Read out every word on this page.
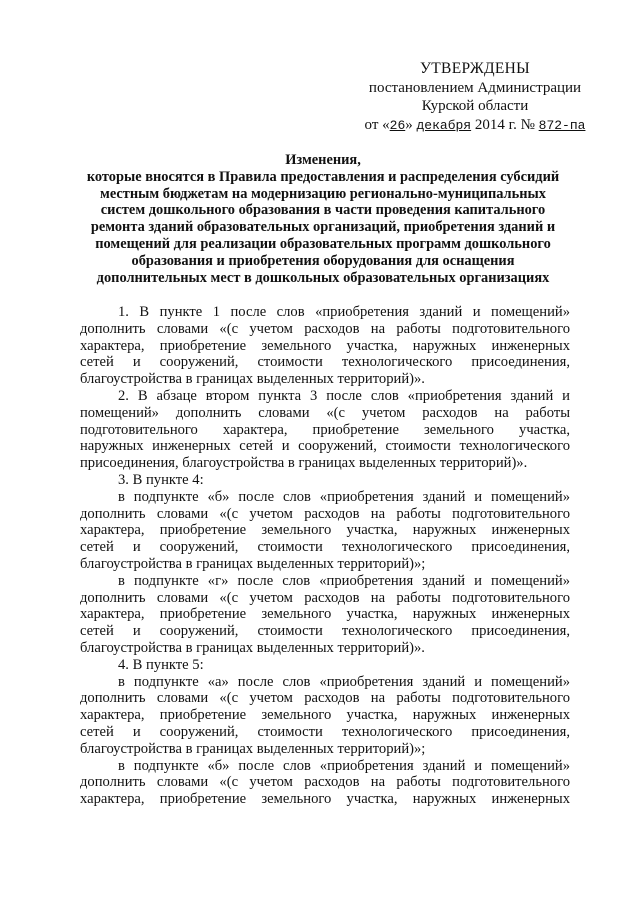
УТВЕРЖДЕНЫ
постановлением Администрации
Курской области
от «26» декабря 2014 г. № 872-па
Изменения,
которые вносятся в Правила предоставления и распределения субсидий
местным бюджетам на модернизацию регионально-муниципальных
систем дошкольного образования в части проведения капитального
ремонта зданий образовательных организаций, приобретения зданий и
помещений для реализации образовательных программ дошкольного
образования и приобретения оборудования для оснащения
дополнительных мест в дошкольных образовательных организациях
1. В пункте 1 после слов «приобретения зданий и помещений»
дополнить словами «(с учетом расходов на работы подготовительного
характера, приобретение земельного участка, наружных инженерных
сетей и сооружений, стоимости технологического присоединения,
благоустройства в границах выделенных территорий)».
2. В абзаце втором пункта 3 после слов «приобретения зданий и
помещений» дополнить словами «(с учетом расходов на работы
подготовительного характера, приобретение земельного участка,
наружных инженерных сетей и сооружений, стоимости технологического
присоединения, благоустройства в границах выделенных территорий)».
3. В пункте 4:
в подпункте «б» после слов «приобретения зданий и помещений»
дополнить словами «(с учетом расходов на работы подготовительного
характера, приобретение земельного участка, наружных инженерных
сетей и сооружений, стоимости технологического присоединения,
благоустройства в границах выделенных территорий)»;
в подпункте «г» после слов «приобретения зданий и помещений»
дополнить словами «(с учетом расходов на работы подготовительного
характера, приобретение земельного участка, наружных инженерных
сетей и сооружений, стоимости технологического присоединения,
благоустройства в границах выделенных территорий)».
4. В пункте 5:
в подпункте «а» после слов «приобретения зданий и помещений»
дополнить словами «(с учетом расходов на работы подготовительного
характера, приобретение земельного участка, наружных инженерных
сетей и сооружений, стоимости технологического присоединения,
благоустройства в границах выделенных территорий)»;
в подпункте «б» после слов «приобретения зданий и помещений»
дополнить словами «(с учетом расходов на работы подготовительного
характера, приобретение земельного участка, наружных инженерных
